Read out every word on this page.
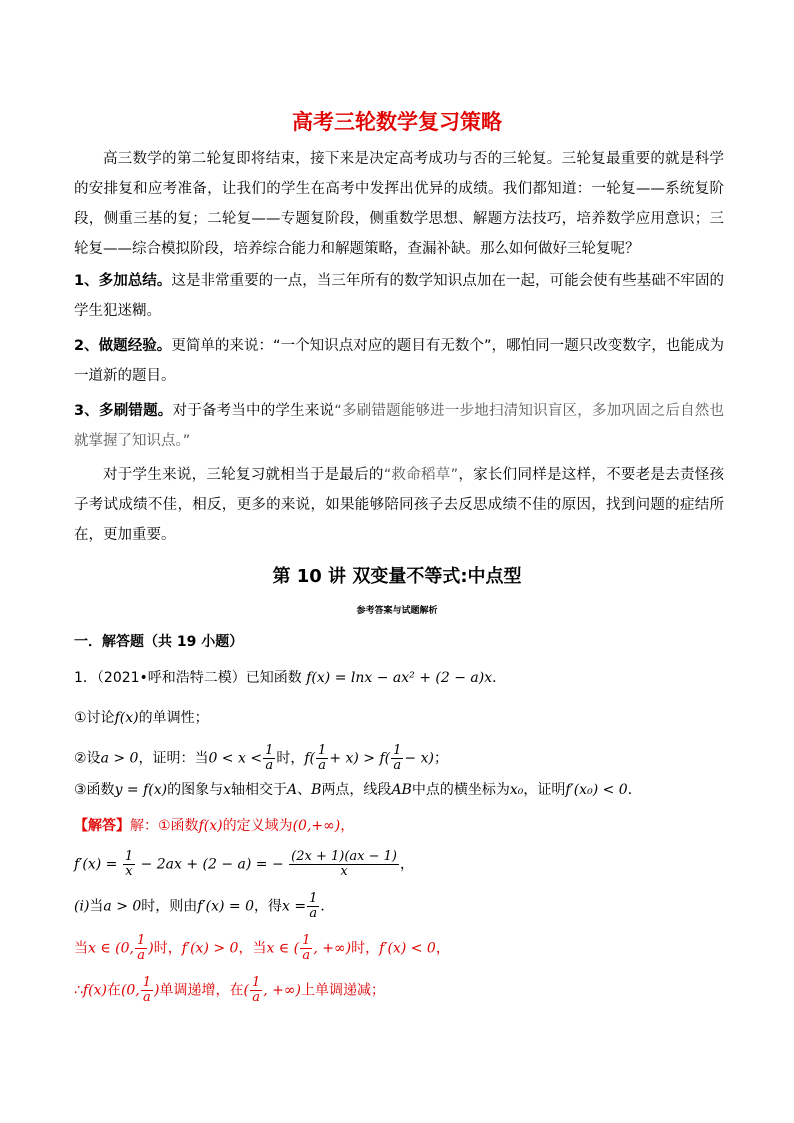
高考三轮数学复习策略
高三数学的第二轮复即将结束，接下来是决定高考成功与否的三轮复。三轮复最重要的就是科学的安排复和应考准备，让我们的学生在高考中发挥出优异的成绩。我们都知道：一轮复——系统复阶段，侧重三基的复；二轮复——专题复阶段，侧重数学思想、解题方法技巧，培养数学应用意识；三轮复——综合模拟阶段，培养综合能力和解题策略，查漏补缺。那么如何做好三轮复呢？
1、多加总结。这是非常重要的一点，当三年所有的数学知识点加在一起，可能会使有些基础不牢固的学生犯迷糊。
2、做题经验。更简单的来说：“一个知识点对应的题目有无数个”，哪怕同一题只改变数字，也能成为一道新的题目。
3、多刷错题。对于备考当中的学生来说“多刷错题能够进一步地扫清知识盲区，多加巩固之后自然也就掌握了知识点。”
对于学生来说，三轮复习就相当于是最后的“救命稻草”，家长们同样是这样，不要老是去责怪孩子考试成绩不佳，相反，更多的来说，如果能够陪同孩子去反思成绩不佳的原因，找到问题的症结所在，更加重要。
第 10 讲 双变量不等式:中点型
参考答案与试题解析
一．解答题（共 19 小题）
1．（2021•呼和浩特二模）已知函数 f(x) = lnx − ax² + (2 − a)x．
①讨论f(x)的单调性；
②设a > 0，证明：当$0 < x < \frac{1}{a}$ 时，$f( \frac{1}{a} + x) > f( \frac{1}{a} - x)$；
③函数y = f(x)的图象与x轴相交于A、B两点，线段AB中点的横坐标为x₀，证明f′(x₀) < 0．
【解答】解：①函数f(x)的定义域为(0,+∞)，
$f'(x) = \frac{1}{x} - 2ax + (2 - a)$ = − $\frac{(2x + 1)(ax - 1)}{x}$ ，
(i)当a > 0时，则由f′(x) = 0，得$x = \frac{1}{a}$ ．
当x ∈ (0, $\frac{1}{a}$ )时，f′(x) > 0，当x ∈ ( $\frac{1}{a}$ , +∞)时，f′(x) < 0，
∴f(x)在(0, $\frac{1}{a}$ )单调递增，在( $\frac{1}{a}$ , +∞)上单调递减；
